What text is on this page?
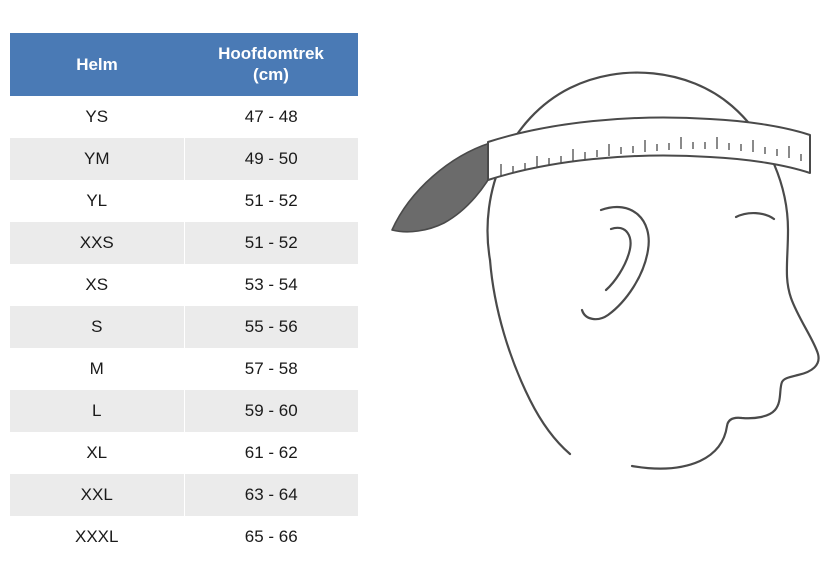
Helm	Hoofdomtrek
(cm)
YS	47 - 48
YM	49 - 50
YL	51 - 52
XXS	51 - 52
XS	53 - 54
S	55 - 56
M	57 - 58
L	59 - 60
XL	61 - 62
XXL	63 - 64
XXXL	65 - 66
